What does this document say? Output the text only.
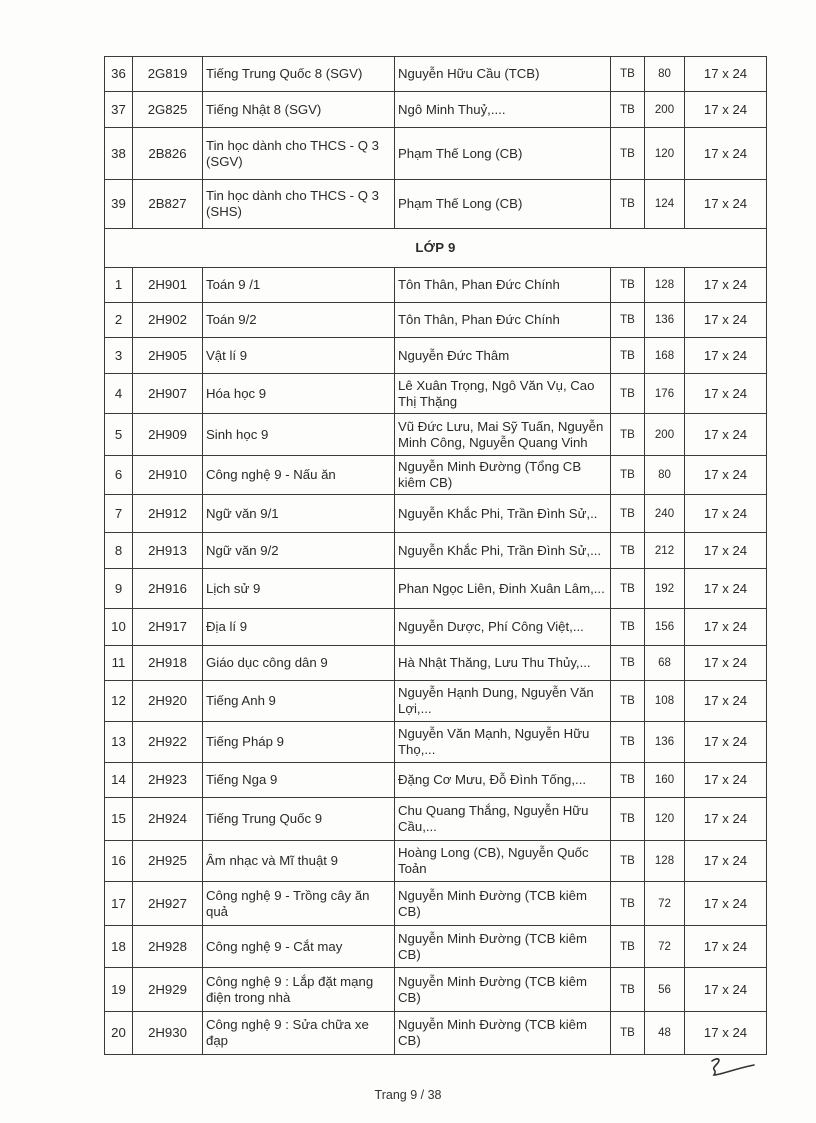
36	2G819	Tiếng Trung Quốc 8 (SGV)	Nguyễn Hữu Cầu (TCB)	TB	80	17 x 24
37	2G825	Tiếng Nhật 8 (SGV)	Ngô Minh Thuỷ,....	TB	200	17 x 24
38	2B826	Tin học dành cho THCS - Q 3 (SGV)	Phạm Thế Long (CB)	TB	120	17 x 24
39	2B827	Tin học dành cho THCS - Q 3 (SHS)	Phạm Thế Long (CB)	TB	124	17 x 24
LỚP 9						
1	2H901	Toán 9 /1	Tôn Thân, Phan Đức Chính	TB	128	17 x 24
2	2H902	Toán 9/2	Tôn Thân, Phan Đức Chính	TB	136	17 x 24
3	2H905	Vật lí 9	Nguyễn Đức Thâm	TB	168	17 x 24
4	2H907	Hóa học 9	Lê Xuân Trọng, Ngô Văn Vụ, Cao Thị Thặng	TB	176	17 x 24
5	2H909	Sinh học 9	Vũ Đức Lưu, Mai Sỹ Tuấn, Nguyễn Minh Công, Nguyễn Quang Vinh	TB	200	17 x 24
6	2H910	Công nghệ 9 - Nấu ăn	Nguyễn Minh Đường (Tổng CB kiêm CB)	TB	80	17 x 24
7	2H912	Ngữ văn 9/1	Nguyễn Khắc Phi, Trần Đình Sử,..	TB	240	17 x 24
8	2H913	Ngữ văn 9/2	Nguyễn Khắc Phi, Trần Đình Sử,...	TB	212	17 x 24
9	2H916	Lịch sử 9	Phan Ngọc Liên, Đinh Xuân Lâm,...	TB	192	17 x 24
10	2H917	Địa lí 9	Nguyễn Dược, Phí Công Việt,...	TB	156	17 x 24
11	2H918	Giáo dục công dân 9	Hà Nhật Thăng, Lưu Thu Thủy,...	TB	68	17 x 24
12	2H920	Tiếng Anh 9	Nguyễn Hạnh Dung, Nguyễn Văn Lợi,...	TB	108	17 x 24
13	2H922	Tiếng Pháp 9	Nguyễn Văn Mạnh, Nguyễn Hữu Thọ,...	TB	136	17 x 24
14	2H923	Tiếng Nga 9	Đặng Cơ Mưu, Đỗ Đình Tống,...	TB	160	17 x 24
15	2H924	Tiếng Trung Quốc 9	Chu Quang Thắng, Nguyễn Hữu Cầu,...	TB	120	17 x 24
16	2H925	Âm nhạc và Mĩ thuật 9	Hoàng Long (CB), Nguyễn Quốc Toản	TB	128	17 x 24
17	2H927	Công nghệ 9 - Trồng cây ăn quả	Nguyễn Minh Đường (TCB kiêm CB)	TB	72	17 x 24
18	2H928	Công nghệ 9 - Cắt may	Nguyễn Minh Đường (TCB kiêm CB)	TB	72	17 x 24
19	2H929	Công nghệ 9 : Lắp đặt mạng điện trong nhà	Nguyễn Minh Đường (TCB kiêm CB)	TB	56	17 x 24
20	2H930	Công nghệ 9 : Sửa chữa xe đạp	Nguyễn Minh Đường (TCB kiêm CB)	TB	48	17 x 24
Trang 9 / 38
